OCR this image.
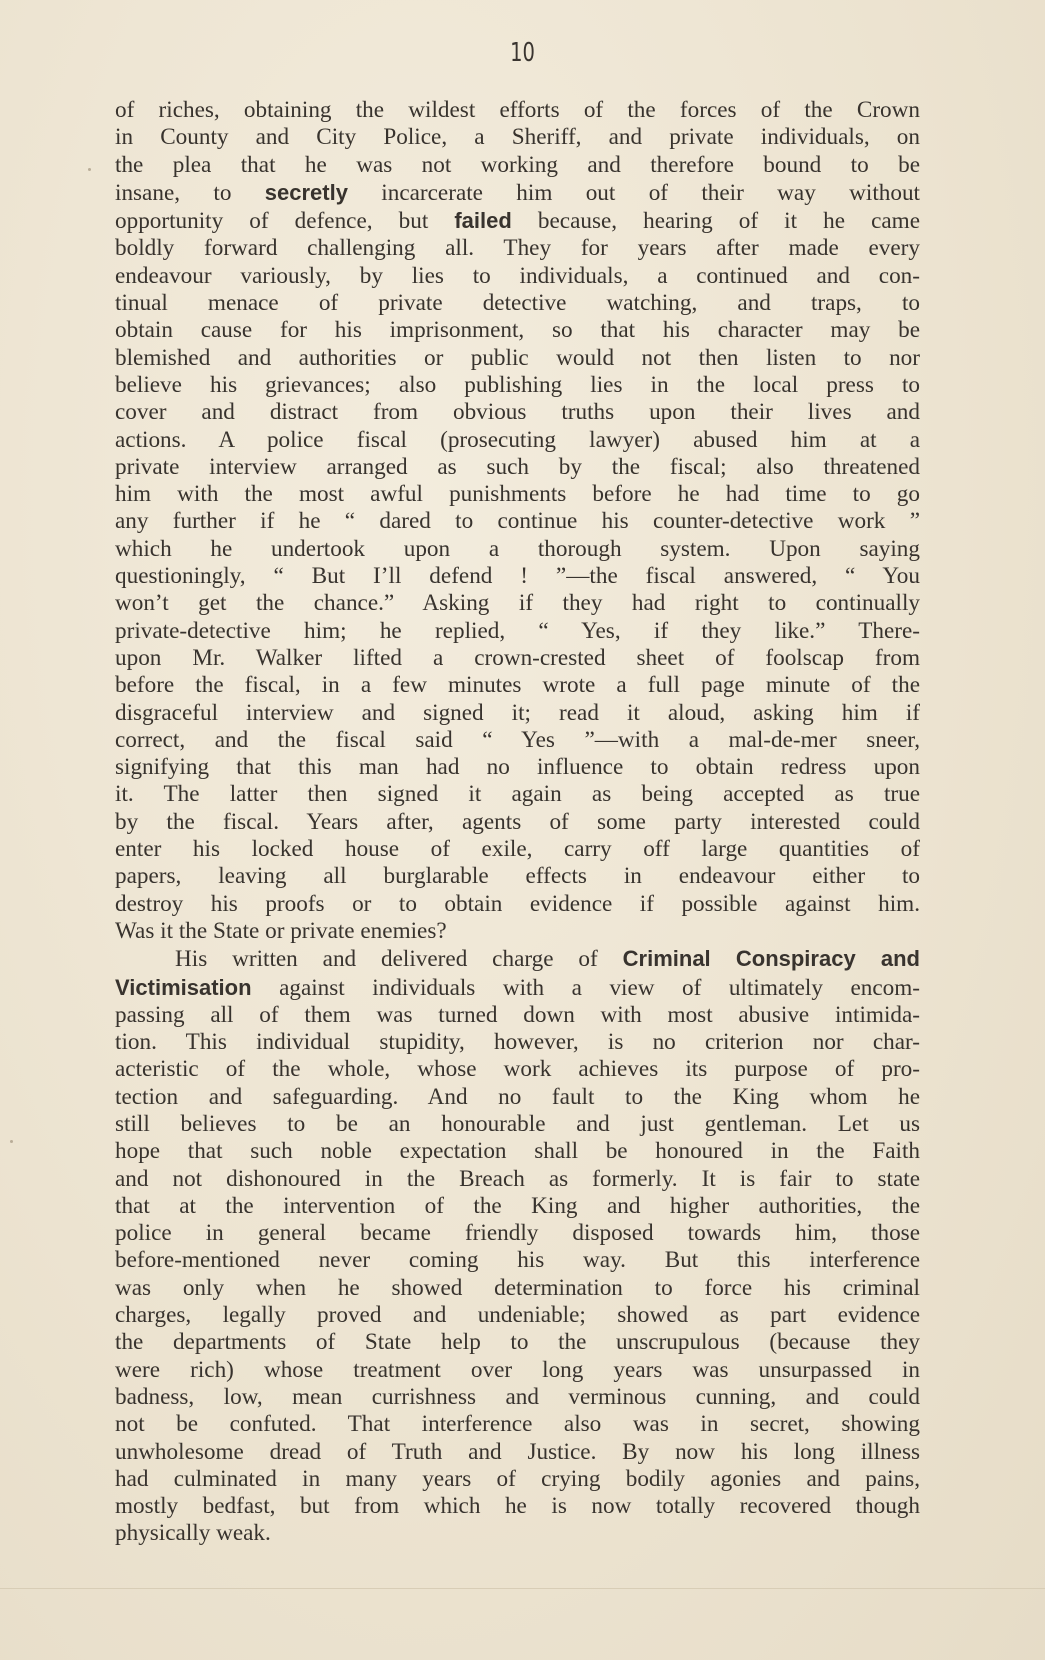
10
of riches, obtaining the wildest efforts of the forces of the Crown
in County and City Police, a Sheriff, and private individuals, on
the plea that he was not working and therefore bound to be
insane, to secretly incarcerate him out of their way without
opportunity of defence, but failed because, hearing of it he came
boldly forward challenging all. They for years after made every
endeavour variously, by lies to individuals, a continued and con-
tinual menace of private detective watching, and traps, to
obtain cause for his imprisonment, so that his character may be
blemished and authorities or public would not then listen to nor
believe his grievances; also publishing lies in the local press to
cover and distract from obvious truths upon their lives and
actions. A police fiscal (prosecuting lawyer) abused him at a
private interview arranged as such by the fiscal; also threatened
him with the most awful punishments before he had time to go
any further if he “ dared to continue his counter-detective work ”
which he undertook upon a thorough system. Upon saying
questioningly, “ But I’ll defend ! ”—the fiscal answered, “ You
won’t get the chance.” Asking if they had right to continually
private-detective him; he replied, “ Yes, if they like.” There-
upon Mr. Walker lifted a crown-crested sheet of foolscap from
before the fiscal, in a few minutes wrote a full page minute of the
disgraceful interview and signed it; read it aloud, asking him if
correct, and the fiscal said “ Yes ”—with a mal-de-mer sneer,
signifying that this man had no influence to obtain redress upon
it. The latter then signed it again as being accepted as true
by the fiscal. Years after, agents of some party interested could
enter his locked house of exile, carry off large quantities of
papers, leaving all burglarable effects in endeavour either to
destroy his proofs or to obtain evidence if possible against him.
Was it the State or private enemies?
His written and delivered charge of Criminal Conspiracy and
Victimisation against individuals with a view of ultimately encom-
passing all of them was turned down with most abusive intimida-
tion. This individual stupidity, however, is no criterion nor char-
acteristic of the whole, whose work achieves its purpose of pro-
tection and safeguarding. And no fault to the King whom he
still believes to be an honourable and just gentleman. Let us
hope that such noble expectation shall be honoured in the Faith
and not dishonoured in the Breach as formerly. It is fair to state
that at the intervention of the King and higher authorities, the
police in general became friendly disposed towards him, those
before-mentioned never coming his way. But this interference
was only when he showed determination to force his criminal
charges, legally proved and undeniable; showed as part evidence
the departments of State help to the unscrupulous (because they
were rich) whose treatment over long years was unsurpassed in
badness, low, mean currishness and verminous cunning, and could
not be confuted. That interference also was in secret, showing
unwholesome dread of Truth and Justice. By now his long illness
had culminated in many years of crying bodily agonies and pains,
mostly bedfast, but from which he is now totally recovered though
physically weak.
